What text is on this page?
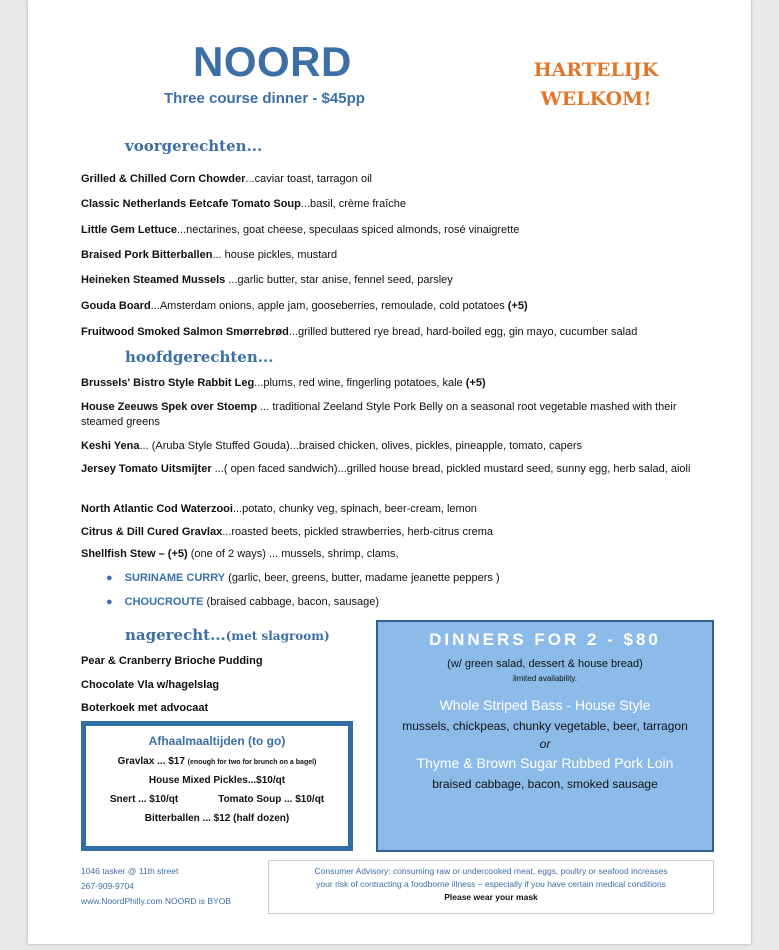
NOORD
Three course dinner - $45pp
HARTELIJK
WELKOM!
voorgerechten...
Grilled & Chilled Corn Chowder...caviar toast, tarragon oil
Classic Netherlands Eetcafe Tomato Soup...basil, crème fraîche
Little Gem Lettuce...nectarines, goat cheese, speculaas spiced almonds, rosé vinaigrette
Braised Pork Bitterballen... house pickles, mustard
Heineken Steamed Mussels ...garlic butter, star anise, fennel seed, parsley
Gouda Board...Amsterdam onions, apple jam, gooseberries, remoulade, cold potatoes (+5)
Fruitwood Smoked Salmon Smørrebrød...grilled buttered rye bread, hard-boiled egg, gin mayo, cucumber salad
hoofdgerechten...
Brussels' Bistro Style Rabbit Leg...plums, red wine, fingerling potatoes, kale (+5)
House Zeeuws Spek over Stoemp ... traditional Zeeland Style Pork Belly on a seasonal root vegetable mashed with their steamed greens
Keshi Yena... (Aruba Style Stuffed Gouda)...braised chicken, olives, pickles, pineapple, tomato, capers
Jersey Tomato Uitsmijter ...( open faced sandwich)...grilled house bread, pickled mustard seed, sunny egg, herb salad, aioli
North Atlantic Cod Waterzooi...potato, chunky veg, spinach, beer-cream, lemon
Citrus & Dill Cured Gravlax...roasted beets, pickled strawberries, herb-citrus crema
Shellfish Stew – (+5) (one of 2 ways) ... mussels, shrimp, clams,
● SURINAME CURRY (garlic, beer, greens, butter, madame jeanette peppers )
● CHOUCROUTE (braised cabbage, bacon, sausage)
nagerecht...(met slagroom)
Pear & Cranberry Brioche Pudding
Chocolate Vla w/hagelslag
Boterkoek met advocaat
DINNERS FOR 2 - $80
(w/ green salad, dessert & house bread)
limited availability.
Whole Striped Bass - House Style
mussels, chickpeas, chunky vegetable, beer, tarragon
or
Thyme & Brown Sugar Rubbed Pork Loin
braised cabbage, bacon, smoked sausage
Afhaalmaaltijden (to go)
Gravlax ... $17 (enough for two for brunch on a bagel)
House Mixed Pickles...$10/qt
Snert ... $10/qt	Tomato Soup ... $10/qt
Bitterballen ... $12 (half dozen)
1046 tasker @ 11th street
267-909-9704
www.NoordPhilly.com NOORD is BYOB
Consumer Advisory: consuming raw or undercooked meat, eggs, poultry or seafood increases
your risk of contracting a foodborne illness – especially if you have certain medical conditions
Please wear your mask
